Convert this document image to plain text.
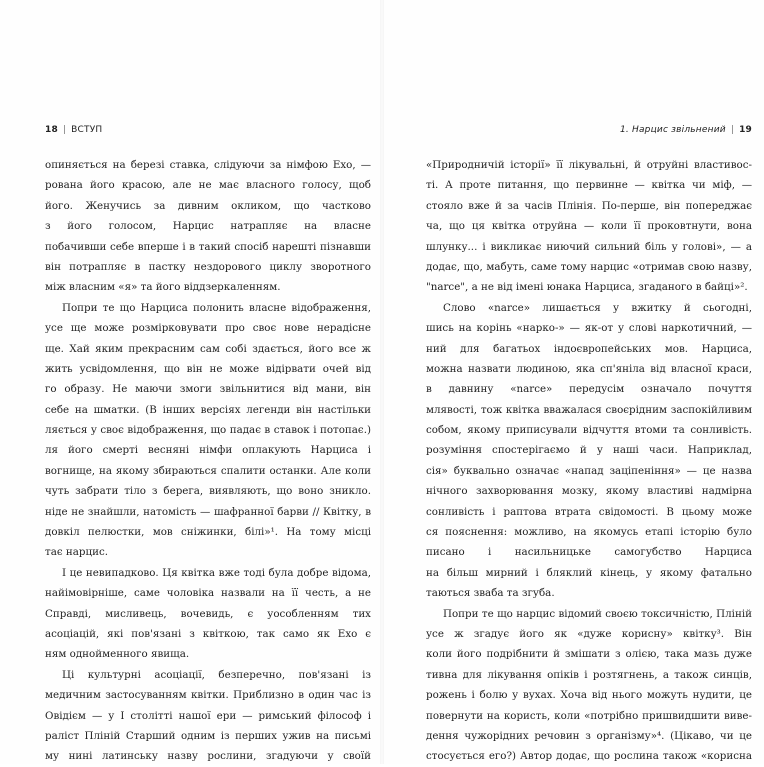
18 | ВСТУП
опиняється на березі ставка, слідуючи за німфою Ехо, —
рована його красою, але не має власного голосу, щоб
його. Женучись за дивним окликом, що частково
з його голосом, Нарцис натрапляє на власне
побачивши себе вперше і в такий спосіб нарешті пізнавши
він потрапляє в пастку нездорового циклу зворотного
між власним «я» та його віддзеркаленням.
Попри те що Нарциса полонить власне відображення,
усе ще може розмірковувати про своє нове нерадісне
ще. Хай яким прекрасним сам собі здається, його все ж
жить усвідомлення, що він не може відірвати очей від
го образу. Не маючи змоги звільнитися від мани, він
себе на шматки. (В інших версіях легенди він настільки
ляється у своє відображення, що падає в ставок і потопає.)
ля його смерті весняні німфи оплакують Нарциса і
вогнище, на якому збираються спалити останки. Але коли
чуть забрати тіло з берега, виявляють, що воно зникло.
ніде не знайшли, натомість — шафранної барви // Квітку, в
довкіл пелюстки, мов сніжинки, білі»¹. На тому місці
тає нарцис.
І це невипадково. Ця квітка вже тоді була добре відома,
найімовірніше, саме чоловіка назвали на її честь, а не
Справді, мисливець, вочевидь, є уособленням тих
асоціацій, які пов'язані з квіткою, так само як Ехо є
ням однойменного явища.
Ці культурні асоціації, безперечно, пов'язані із
медичним застосуванням квітки. Приблизно в один час із
Овідієм — у I столітті нашої ери — римський філософ і
раліст Пліній Старший одним із перших ужив на письмі
му нині латинську назву рослини, згадуючи у своїй
1. Нарцис звільнений | 19
«Природничій історії» її лікувальні, й отруйні властивос-
ті. А проте питання, що первинне — квітка чи міф, —
стояло вже й за часів Плінія. По-перше, він попереджає
ча, що ця квітка отруйна — коли її проковтнути, вона
шлунку... і викликає ниючий сильний біль у голові», — а
додає, що, мабуть, саме тому нарцис «отримав свою назву,
"narce", а не від імені юнака Нарциса, згаданого в байці»².
Слово «narce» лишається у вжитку й сьогодні,
шись на корінь «нарко-» — як-от у слові наркотичний, —
ний для багатьох індоєвропейських мов. Нарциса,
можна назвати людиною, яка сп'яніла від власної краси,
в давнину «narce» передусім означало почуття
млявості, тож квітка вважалася своєрідним заспокійливим
собом, якому приписували відчуття втоми та сонливість.
розуміння спостерігаємо й у наші часи. Наприклад,
сія» буквально означає «напад заціпеніння» — це назва
нічного захворювання мозку, якому властиві надмірна
сонливість і раптова втрата свідомості. В цьому може
ся пояснення: можливо, на якомусь етапі історію було
писано і насильницьке самогубство Нарциса
на більш мирний і бляклий кінець, у якому фатально
таються зваба та згуба.
Попри те що нарцис відомий своєю токсичністю, Пліній
усе ж згадує його як «дуже корисну» квітку³. Він
коли його подрібнити й змішати з олією, така мазь дуже
тивна для лікування опіків і розтягнень, а також синців,
рожень і болю у вухах. Хоча від нього можуть нудити, це
повернути на користь, коли «потрібно пришвидшити виве-
дення чужорідних речовин з організму»⁴. (Цікаво, чи це
стосується его?) Автор додає, що рослина також «корисна
